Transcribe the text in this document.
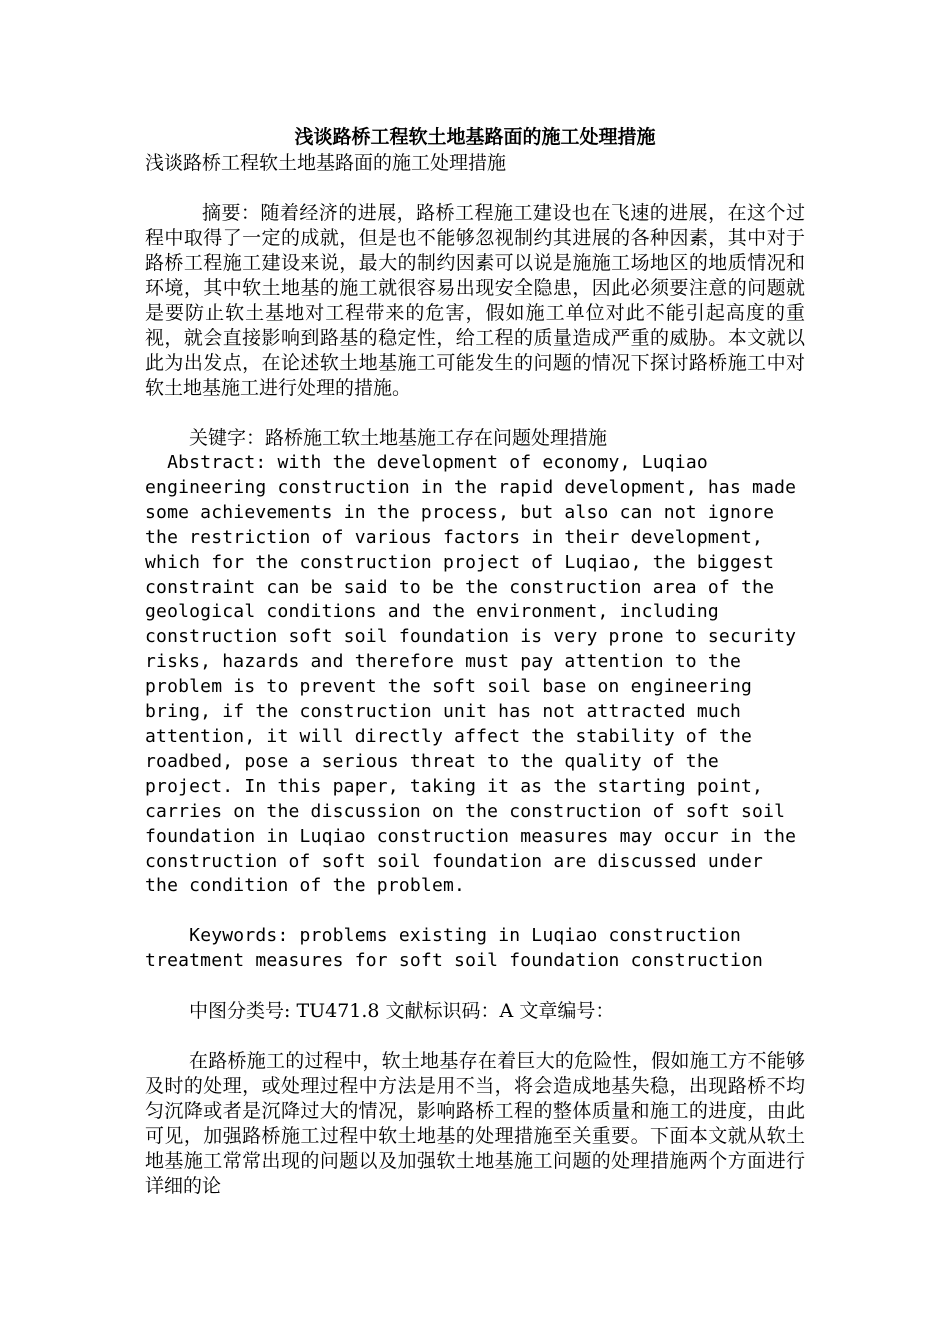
浅谈路桥工程软土地基路面的施工处理措施

浅谈路桥工程软土地基路面的施工处理措施

摘要：随着经济的进展，路桥工程施工建设也在飞速的进展，在这个过程中取得了一定的成就，但是也不能够忽视制约其进展的各种因素，其中对于路桥工程施工建设来说，最大的制约因素可以说是施施工场地区的地质情况和环境，其中软土地基的施工就很容易出现安全隐患，因此必须要注意的问题就是要防止软土基地对工程带来的危害，假如施工单位对此不能引起高度的重视，就会直接影响到路基的稳定性，给工程的质量造成严重的威胁。本文就以此为出发点，在论述软土地基施工可能发生的问题的情况下探讨路桥施工中对软土地基施工进行处理的措施。

关键字：路桥施工软土地基施工存在问题处理措施

Abstract: with the development of economy, Luqiao
engineering construction in the rapid development, has made
some achievements in the process, but also can not ignore
the restriction of various factors in their development,
which for the construction project of Luqiao, the biggest
constraint can be said to be the construction area of the
geological conditions and the environment, including
construction soft soil foundation is very prone to security
risks, hazards and therefore must pay attention to the
problem is to prevent the soft soil base on engineering
bring, if the construction unit has not attracted much
attention, it will directly affect the stability of the
roadbed, pose a serious threat to the quality of the
project. In this paper, taking it as the starting point,
carries on the discussion on the construction of soft soil
foundation in Luqiao construction measures may occur in the
construction of soft soil foundation are discussed under
the condition of the problem.

Keywords: problems existing in Luqiao construction
treatment measures for soft soil foundation construction

中图分类号: TU471.8 文献标识码：A 文章编号：

在路桥施工的过程中，软土地基存在着巨大的危险性，假如施工方不能够及时的处理，或处理过程中方法是用不当，将会造成地基失稳，出现路桥不均匀沉降或者是沉降过大的情况，影响路桥工程的整体质量和施工的进度，由此可见，加强路桥施工过程中软土地基的处理措施至关重要。下面本文就从软土地基施工常常出现的问题以及加强软土地基施工问题的处理措施两个方面进行详细的论
